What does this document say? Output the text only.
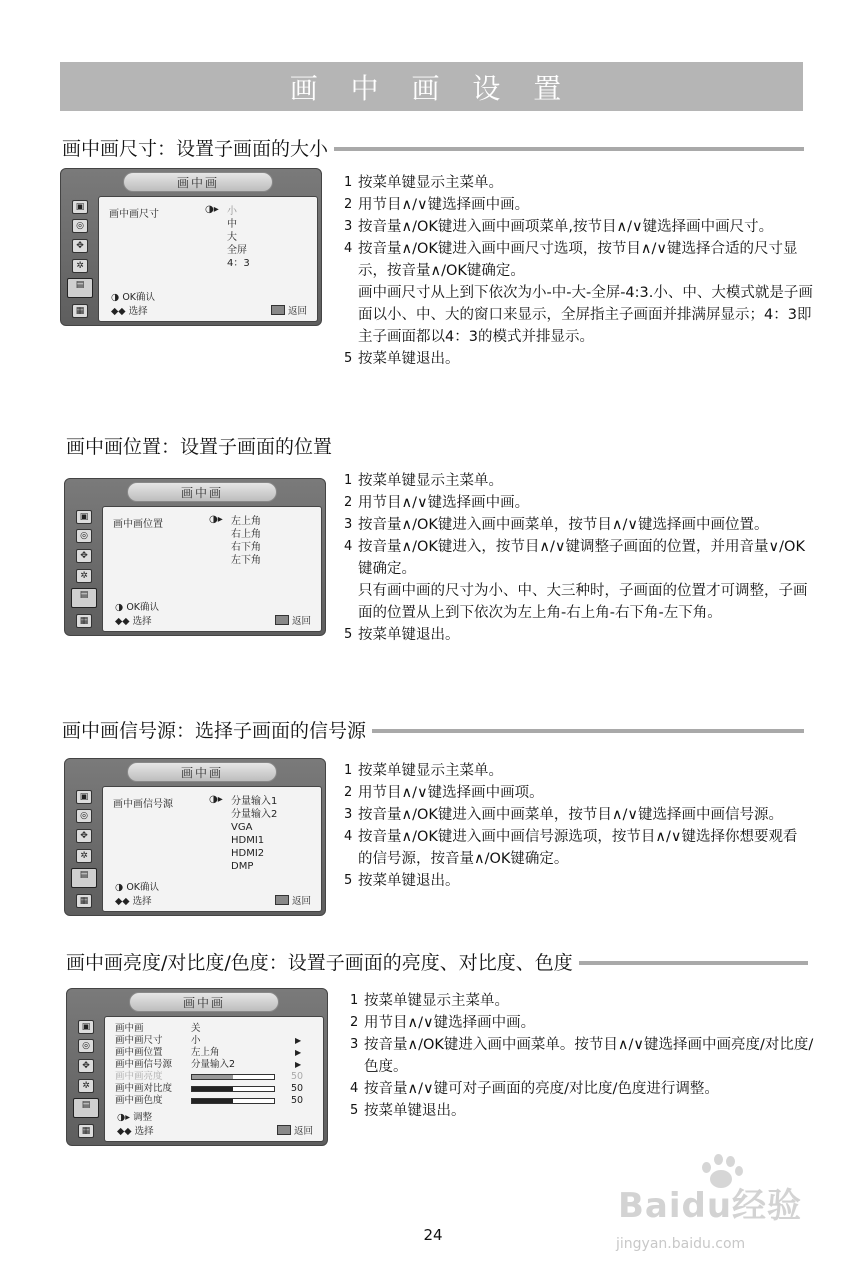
画 中 画 设 置
画中画尺寸：设置子画面的大小
画中画
▣
◎
✥
✲
▤
▦
画中画尺寸	◑▸ 小
中
大
全屏
4：3
◑ OK确认
◆◆ 选择	返回
1 按菜单键显示主菜单。
2 用节目∧/∨键选择画中画。
3 按音量∧/OK键进入画中画项菜单,按节目∧/∨键选择画中画尺寸。
4 按音量∧/OK键进入画中画尺寸选项，按节目∧/∨键选择合适的尺寸显示，按音量∧/OK键确定。
画中画尺寸从上到下依次为小-中-大-全屏-4:3.小、中、大模式就是子画面以小、中、大的窗口来显示，全屏指主子画面并排满屏显示；4：3即主子画面都以4：3的模式并排显示。
5 按菜单键退出。
画中画位置：设置子画面的位置
画中画
▣
◎
✥
✲
▤
▦
画中画位置	◑▸ 左上角
右上角
右下角
左下角
◑ OK确认
◆◆ 选择	返回
1 按菜单键显示主菜单。
2 用节目∧/∨键选择画中画。
3 按音量∧/OK键进入画中画菜单，按节目∧/∨键选择画中画位置。
4 按音量∧/OK键进入，按节目∧/∨键调整子画面的位置，并用音量∨/OK键确定。
只有画中画的尺寸为小、中、大三种时，子画面的位置才可调整，子画面的位置从上到下依次为左上角-右上角-右下角-左下角。
5 按菜单键退出。
画中画信号源：选择子画面的信号源
画中画
▣
◎
✥
✲
▤
▦
画中画信号源	◑▸ 分量输入1
分量输入2
VGA
HDMI1
HDMI2
DMP
◑ OK确认
◆◆ 选择	返回
1 按菜单键显示主菜单。
2 用节目∧/∨键选择画中画项。
3 按音量∧/OK键进入画中画菜单，按节目∧/∨键选择画中画信号源。
4 按音量∧/OK键进入画中画信号源选项，按节目∧/∨键选择你想要观看的信号源，按音量∧/OK键确定。
5 按菜单键退出。
画中画亮度/对比度/色度：设置子画面的亮度、对比度、色度
画中画
▣
◎
✥
✲
▤
▦
画中画	关
画中画尺寸	小	▶
画中画位置	左上角	▶
画中画信号源 分量输入2	▶
画中画亮度	50
画中画对比度	50
画中画色度	50
◑▸ 调整
◆◆ 选择	返回
1 按菜单键显示主菜单。
2 用节目∧/∨键选择画中画。
3 按音量∧/OK键进入画中画菜单。按节目∧/∨键选择画中画亮度/对比度/色度。
4 按音量∧/∨键可对子画面的亮度/对比度/色度进行调整。
5 按菜单键退出。
Baidu经验
jingyan.baidu.com
24
